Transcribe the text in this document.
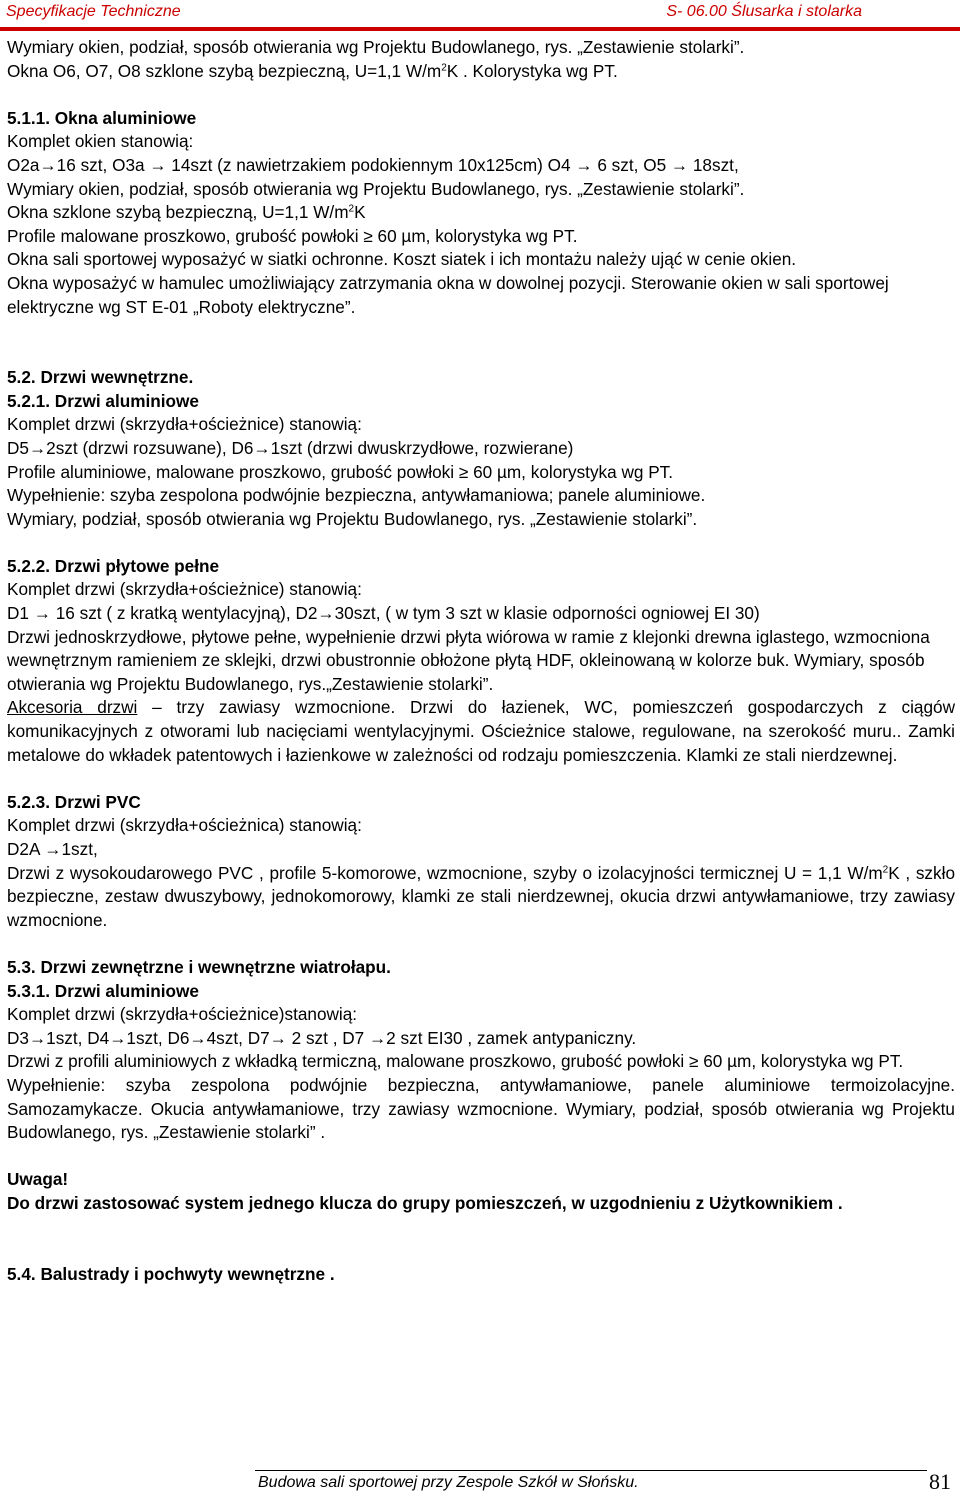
Specyfikacje Techniczne	S- 06.00 Ślusarka i stolarka

Wymiary okien, podział, sposób otwierania wg Projektu Budowlanego, rys. „Zestawienie stolarki”.

Okna O6, O7, O8 szklone szybą bezpieczną, U=1,1 $W/m^2K$ . Kolorystyka wg PT.

5.1.1. Okna aluminiowe

Komplet okien stanowią:

O2a→16 szt, O3a → 14szt (z nawietrzakiem podokiennym 10x125cm) O4 → 6 szt, O5 → 18szt,

Wymiary okien, podział, sposób otwierania wg Projektu Budowlanego, rys. „Zestawienie stolarki”.

Okna szklone szybą bezpieczną, U=1,1 $W/m^2K$

Profile malowane proszkowo, grubość powłoki ≥ 60 µm, kolorystyka wg PT.

Okna sali sportowej wyposażyć w siatki ochronne. Koszt siatek i ich montażu należy ująć w cenie okien.

Okna wyposażyć w hamulec umożliwiający zatrzymania okna w dowolnej pozycji. Sterowanie okien w sali sportowej elektryczne wg ST E-01 „Roboty elektryczne”.

5.2. Drzwi wewnętrzne.

5.2.1. Drzwi aluminiowe

Komplet drzwi (skrzydła+ościeżnice) stanowią:

D5→2szt (drzwi rozsuwane), D6→1szt (drzwi dwuskrzydłowe, rozwierane)

Profile aluminiowe, malowane proszkowo, grubość powłoki ≥ 60 µm, kolorystyka wg PT.

Wypełnienie: szyba zespolona podwójnie bezpieczna, antywłamaniowa; panele aluminiowe.

Wymiary, podział, sposób otwierania wg Projektu Budowlanego, rys. „Zestawienie stolarki”.

5.2.2. Drzwi płytowe pełne

Komplet drzwi (skrzydła+ościeżnice) stanowią:

D1 → 16 szt ( z kratką wentylacyjną), D2→30szt, ( w tym 3 szt w klasie odporności ogniowej EI 30)

Drzwi jednoskrzydłowe, płytowe pełne, wypełnienie drzwi płyta wiórowa w ramie z klejonki drewna iglastego, wzmocniona wewnętrznym ramieniem ze sklejki, drzwi obustronnie obłożone płytą HDF, okleinowaną w kolorze buk. Wymiary, sposób otwierania wg Projektu Budowlanego, rys.„Zestawienie stolarki”.

Akcesoria drzwi – trzy zawiasy wzmocnione. Drzwi do łazienek, WC, pomieszczeń gospodarczych z ciągów komunikacyjnych z otworami lub nacięciami wentylacyjnymi. Ościeżnice stalowe, regulowane, na szerokość muru.. Zamki metalowe do wkładek patentowych i łazienkowe w zależności od rodzaju pomieszczenia. Klamki ze stali nierdzewnej.

5.2.3. Drzwi PVC

Komplet drzwi (skrzydła+ościeżnica) stanowią:

D2A →1szt,

Drzwi z wysokoudarowego PVC , profile 5-komorowe, wzmocnione, szyby o izolacyjności termicznej U = 1,1 $W/m^2K$ , szkło bezpieczne, zestaw dwuszybowy, jednokomorowy, klamki ze stali nierdzewnej, okucia drzwi antywłamaniowe, trzy zawiasy wzmocnione.

5.3. Drzwi zewnętrzne i wewnętrzne wiatrołapu.

5.3.1. Drzwi aluminiowe

Komplet drzwi (skrzydła+ościeżnice)stanowią:

D3→1szt, D4→1szt, D6→4szt, D7→ 2 szt , D7 →2 szt EI30 , zamek antypaniczny.

Drzwi z profili aluminiowych z wkładką termiczną, malowane proszkowo, grubość powłoki ≥ 60 µm, kolorystyka wg PT.

Wypełnienie: szyba zespolona podwójnie bezpieczna, antywłamaniowe, panele aluminiowe termoizolacyjne. Samozamykacze. Okucia antywłamaniowe, trzy zawiasy wzmocnione. Wymiary, podział, sposób otwierania wg Projektu Budowlanego, rys. „Zestawienie stolarki” .

Uwaga!

Do drzwi zastosować system jednego klucza do grupy pomieszczeń, w uzgodnieniu z Użytkownikiem .

5.4. Balustrady i pochwyty wewnętrzne .

Budowa sali sportowej przy Zespole Szkół w Słońsku.	81
